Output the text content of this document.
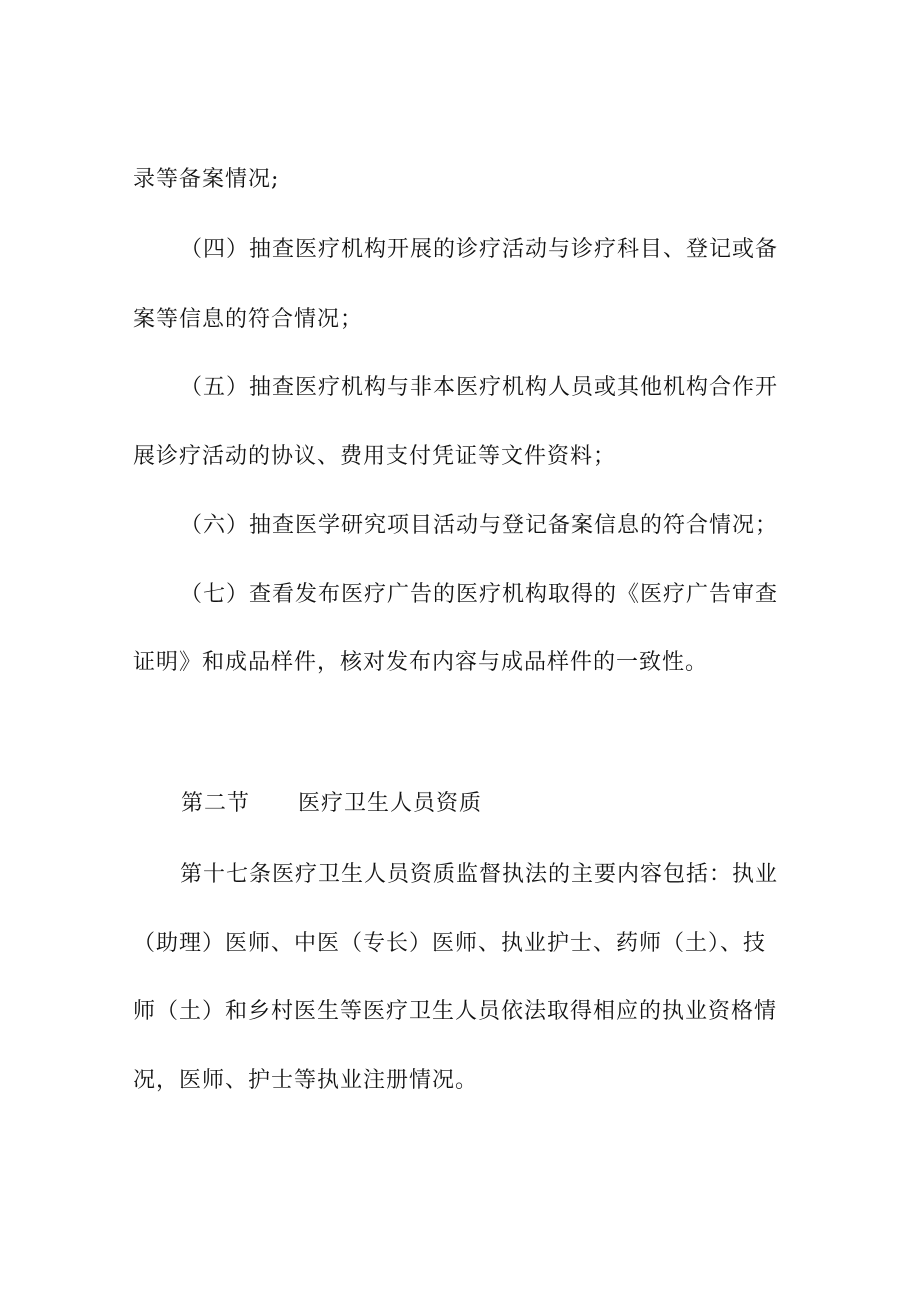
录等备案情况;
（四）抽查医疗机构开展的诊疗活动与诊疗科目、登记或备
案等信息的符合情况；
（五）抽查医疗机构与非本医疗机构人员或其他机构合作开
展诊疗活动的协议、费用支付凭证等文件资料；
（六）抽查医学研究项目活动与登记备案信息的符合情况；
（七）查看发布医疗广告的医疗机构取得的《医疗广告审查
证明》和成品样件，核对发布内容与成品样件的一致性。
第二节 医疗卫生人员资质
第十七条医疗卫生人员资质监督执法的主要内容包括：执业
（助理）医师、中医（专长）医师、执业护士、药师（土）、技
师（土）和乡村医生等医疗卫生人员依法取得相应的执业资格情
况，医师、护士等执业注册情况。
